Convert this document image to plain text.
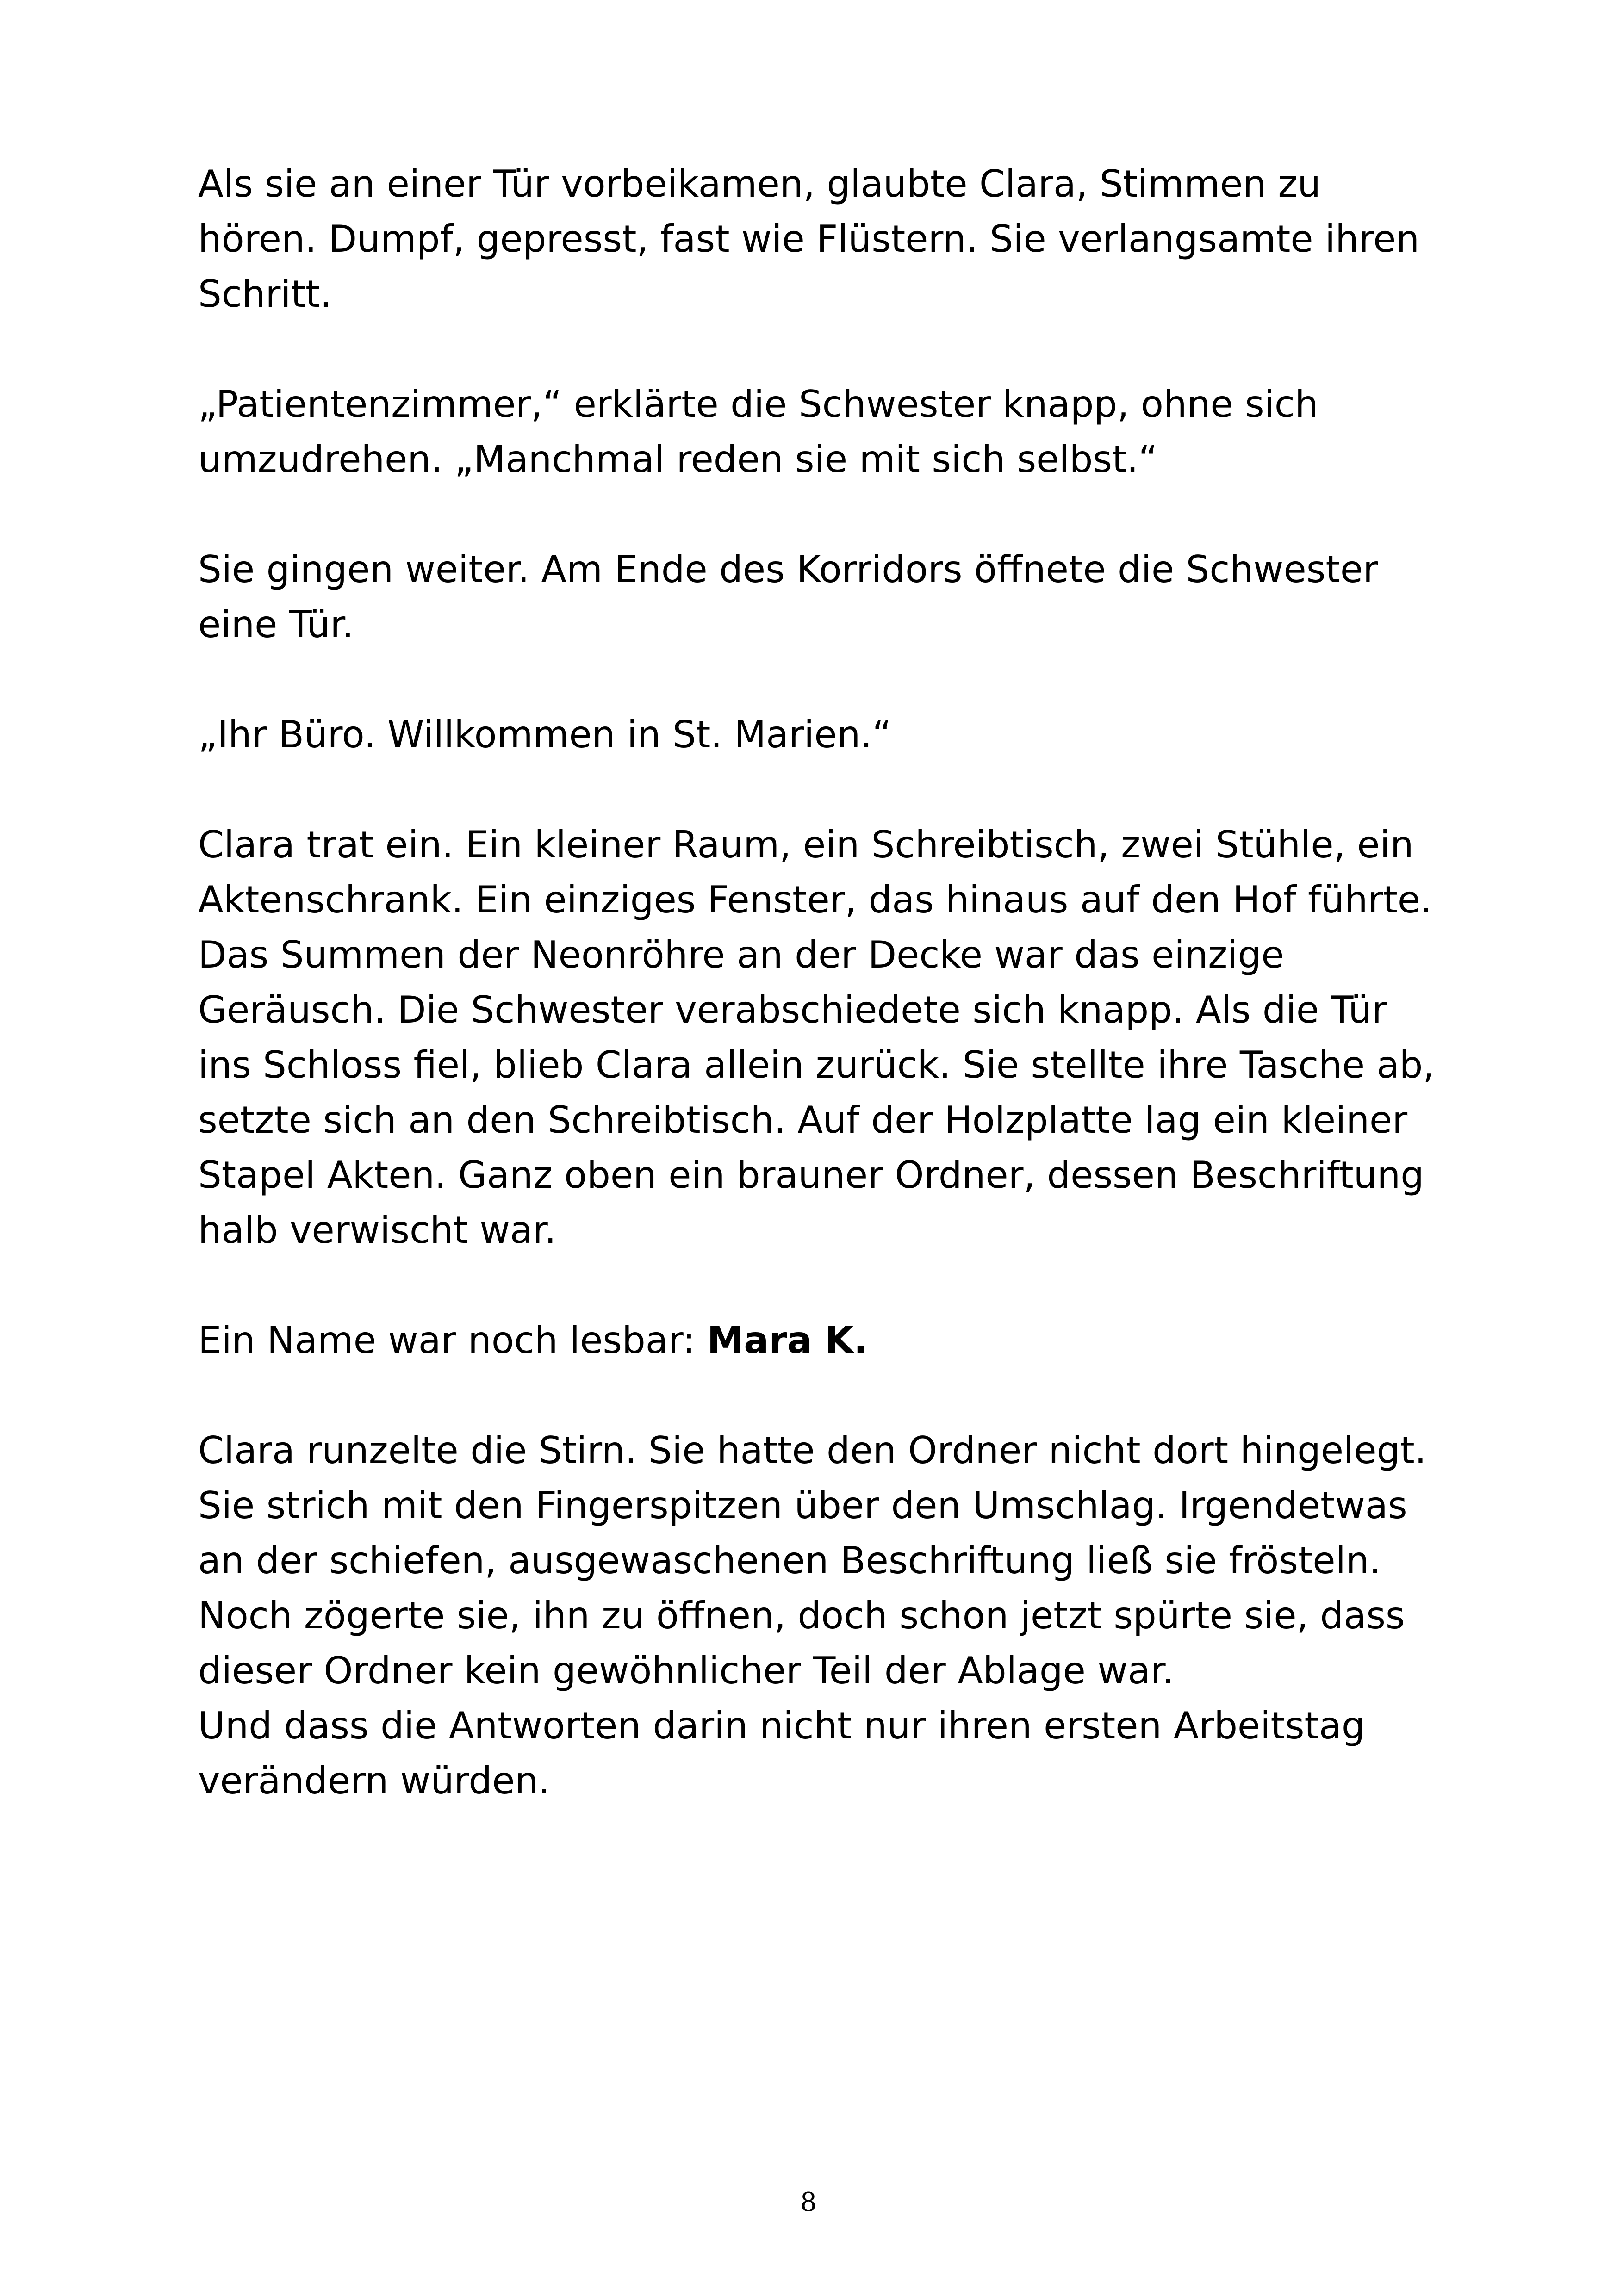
Als sie an einer Tür vorbeikamen, glaubte Clara, Stimmen zu hören. Dumpf, gepresst, fast wie Flüstern. Sie verlangsamte ihren Schritt.

„Patientenzimmer,“ erklärte die Schwester knapp, ohne sich umzudrehen. „Manchmal reden sie mit sich selbst.“

Sie gingen weiter. Am Ende des Korridors öffnete die Schwester eine Tür.

„Ihr Büro. Willkommen in St. Marien.“

Clara trat ein. Ein kleiner Raum, ein Schreibtisch, zwei Stühle, ein Aktenschrank. Ein einziges Fenster, das hinaus auf den Hof führte. Das Summen der Neonröhre an der Decke war das einzige Geräusch. Die Schwester verabschiedete sich knapp. Als die Tür ins Schloss fiel, blieb Clara allein zurück. Sie stellte ihre Tasche ab, setzte sich an den Schreibtisch. Auf der Holzplatte lag ein kleiner Stapel Akten. Ganz oben ein brauner Ordner, dessen Beschriftung halb verwischt war.

Ein Name war noch lesbar: Mara K.

Clara runzelte die Stirn. Sie hatte den Ordner nicht dort hingelegt. Sie strich mit den Fingerspitzen über den Umschlag. Irgendetwas an der schiefen, ausgewaschenen Beschriftung ließ sie frösteln. Noch zögerte sie, ihn zu öffnen, doch schon jetzt spürte sie, dass dieser Ordner kein gewöhnlicher Teil der Ablage war.

Und dass die Antworten darin nicht nur ihren ersten Arbeitstag verändern würden.

8
